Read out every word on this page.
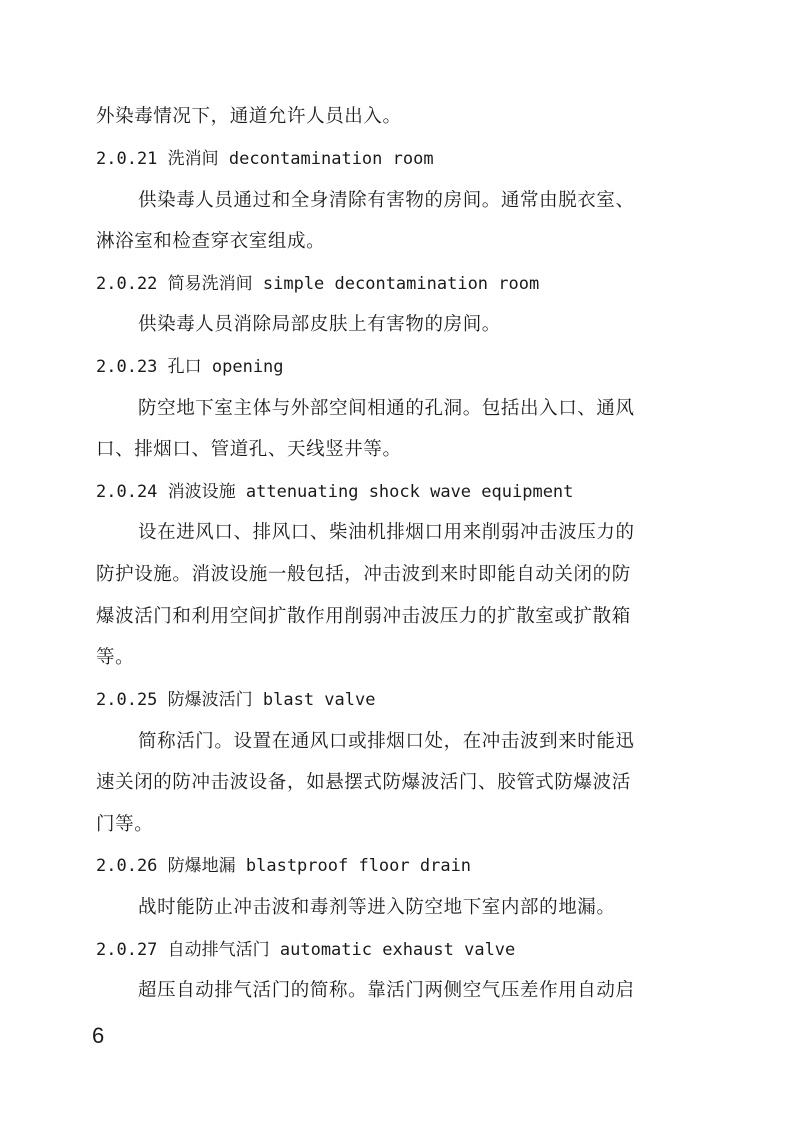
外染毒情况下，通道允许人员出入。
2.0.21 洗消间 decontamination room
供染毒人员通过和全身清除有害物的房间。通常由脱衣室、
淋浴室和检查穿衣室组成。
2.0.22 简易洗消间 simple decontamination room
供染毒人员消除局部皮肤上有害物的房间。
2.0.23 孔口 opening
防空地下室主体与外部空间相通的孔洞。包括出入口、通风
口、排烟口、管道孔、天线竖井等。
2.0.24 消波设施 attenuating shock wave equipment
设在进风口、排风口、柴油机排烟口用来削弱冲击波压力的
防护设施。消波设施一般包括，冲击波到来时即能自动关闭的防
爆波活门和利用空间扩散作用削弱冲击波压力的扩散室或扩散箱
等。
2.0.25 防爆波活门 blast valve
简称活门。设置在通风口或排烟口处，在冲击波到来时能迅
速关闭的防冲击波设备，如悬摆式防爆波活门、胶管式防爆波活
门等。
2.0.26 防爆地漏 blastproof floor drain
战时能防止冲击波和毒剂等进入防空地下室内部的地漏。
2.0.27 自动排气活门 automatic exhaust valve
超压自动排气活门的简称。靠活门两侧空气压差作用自动启
6
